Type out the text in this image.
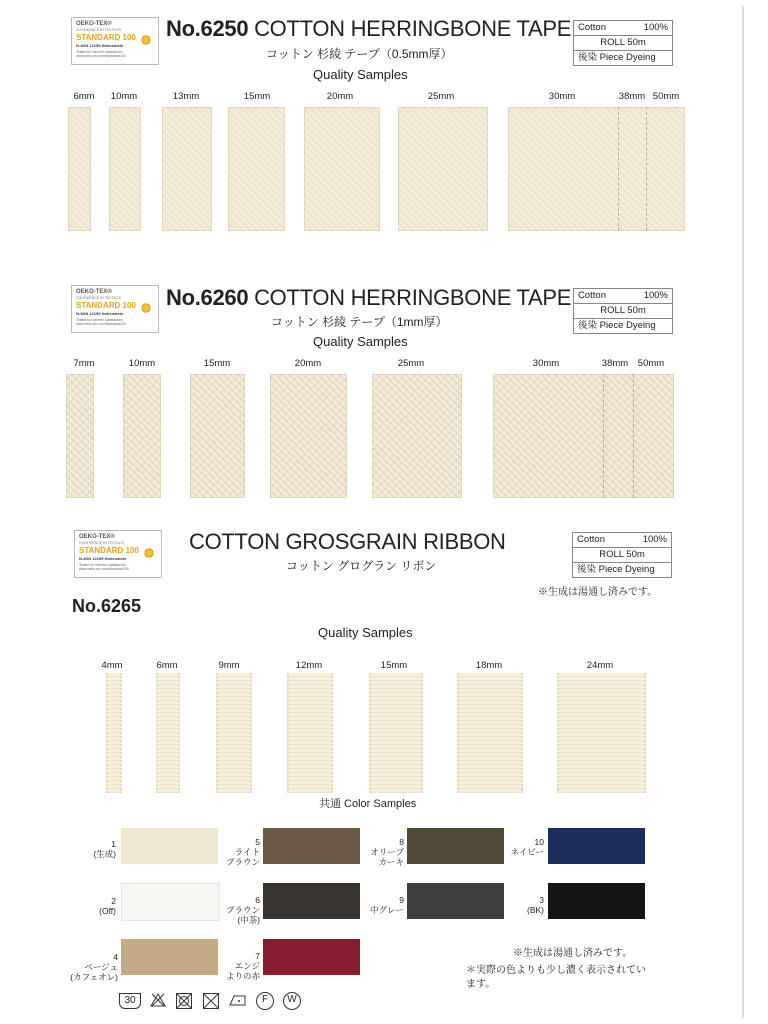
OEKO-TEX®
CONFIDENCE IN TEXTILES
STANDARD 100
N-4KN 12159 Hohenstein
Tested for harmful substances www.oeko-tex.com/standard100
No.6250 COTTON HERRINGBONE TAPE
コットン 杉綾 テープ（0.5mm厚）
Quality Samples
Cotton	100%
ROLL 50m
後染 Piece Dyeing
6mm 10mm	13mm	15mm	20mm	25mm	30mm	38mm 50mm
OEKO-TEX®
CONFIDENCE IN TEXTILES
STANDARD 100
N-4KN 12159 Hohenstein
Tested for harmful substances www.oeko-tex.com/standard100
No.6260 COTTON HERRINGBONE TAPE
コットン 杉綾 テープ（1mm厚）
Quality Samples
Cotton	100%
ROLL 50m
後染 Piece Dyeing
7mm	10mm	15mm	20mm	25mm	30mm	38mm 50mm
OEKO-TEX®
CONFIDENCE IN TEXTILES
STANDARD 100
N-4KN 12159 Hohenstein
Tested for harmful substances www.oeko-tex.com/standard100
COTTON GROSGRAIN RIBBON
コットン グログラン リボン
Cotton	100%
ROLL 50m
後染 Piece Dyeing
※生成は湯通し済みです。
No.6265
Quality Samples
4mm	6mm	9mm	12mm	15mm	18mm	24mm
共通 Color Samples
1
(生成)
2
(Off)
4
ベージュ
(カフェオレ)
5
ライト
ブラウン
6
ブラウン
(中茶)
7
エンジ
よりの赤
8
オリーブ
カーキ
9
中グレー
10
ネイビー
3
(BK)
※生成は湯通し済みです。
＊実際の色よりも少し濃く表示されてい
ます。
30	F	W
